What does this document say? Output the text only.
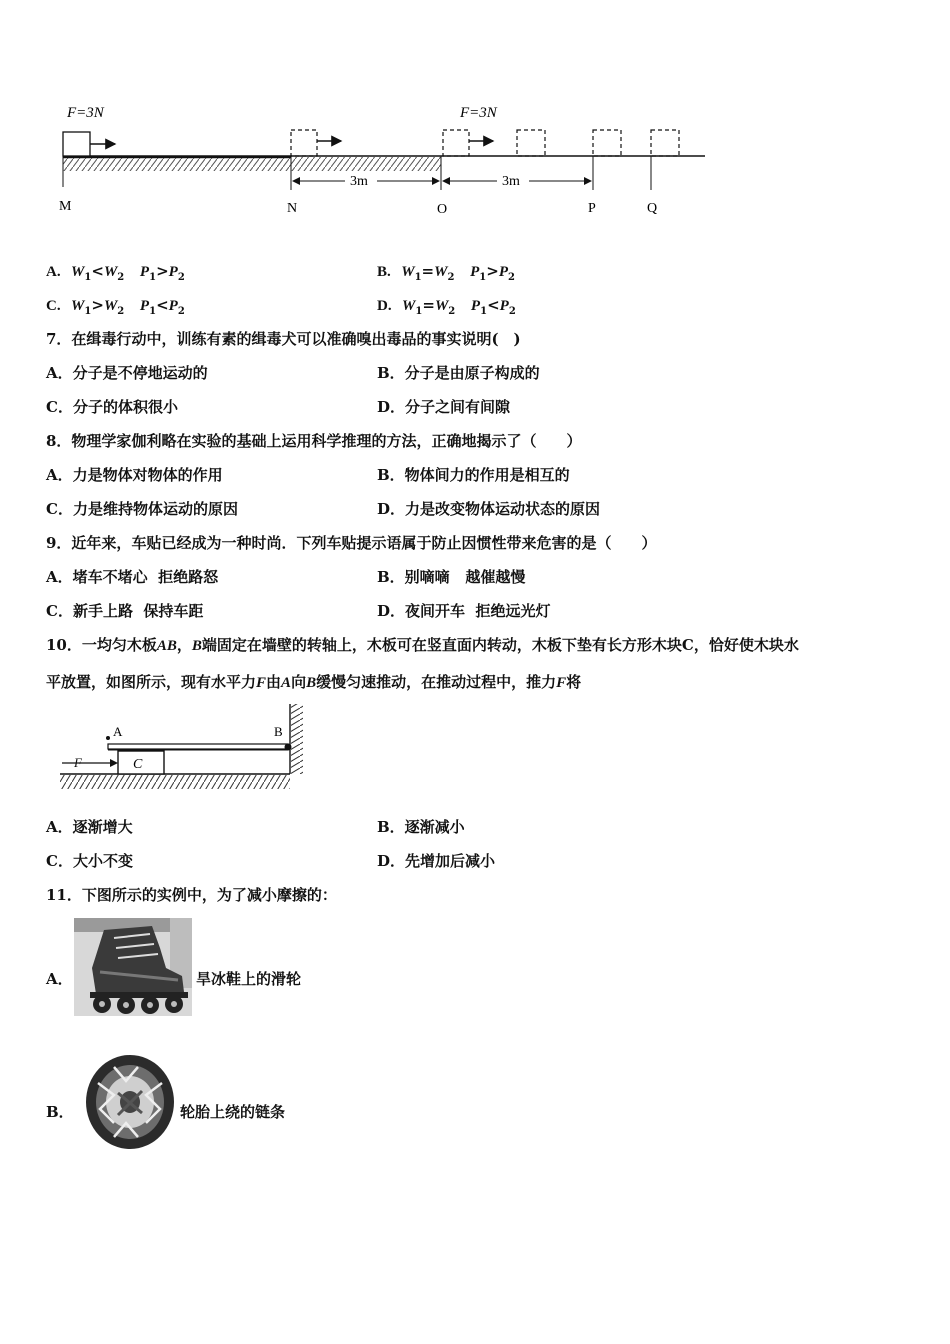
F=3N	F=3N
3m	3m
M	N	O	P	Q
A. $W_1<W_2$ $P_1>P_2$	B. $W_1=W_2$ $P_1>P_2$
C. $W_1>W_2$ $P_1<P_2$	D. $W_1=W_2$ $P_1<P_2$
7．在缉毒行动中，训练有素的缉毒犬可以准确嗅出毒品的事实说明(　)
A．分子是不停地运动的	B．分子是由原子构成的
C．分子的体积很小	D．分子之间有间隙
8．物理学家伽利略在实验的基础上运用科学推理的方法，正确地揭示了（　　）
A．力是物体对物体的作用	B．物体间力的作用是相互的
C．力是维持物体运动的原因	D．力是改变物体运动状态的原因
9．近年来，车贴已经成为一种时尚．下列车贴提示语属于防止因惯性带来危害的是（　　）
A．堵车不堵心  拒绝路怒	B．别嘀嘀   越催越慢
C．新手上路  保持车距	D．夜间开车  拒绝远光灯
10．一均匀木板AB，B端固定在墙壁的转轴上，木板可在竖直面内转动，木板下垫有长方形木块C，恰好使木块水
平放置，如图所示，现有水平力F由A向B缓慢匀速推动，在推动过程中，推力F将
A	B
C
F
A．逐渐增大	B．逐渐减小
C．大小不变	D．先增加后减小
11．下图所示的实例中，为了减小摩擦的：
A．	旱冰鞋上的滑轮
B．	轮胎上绕的链条
